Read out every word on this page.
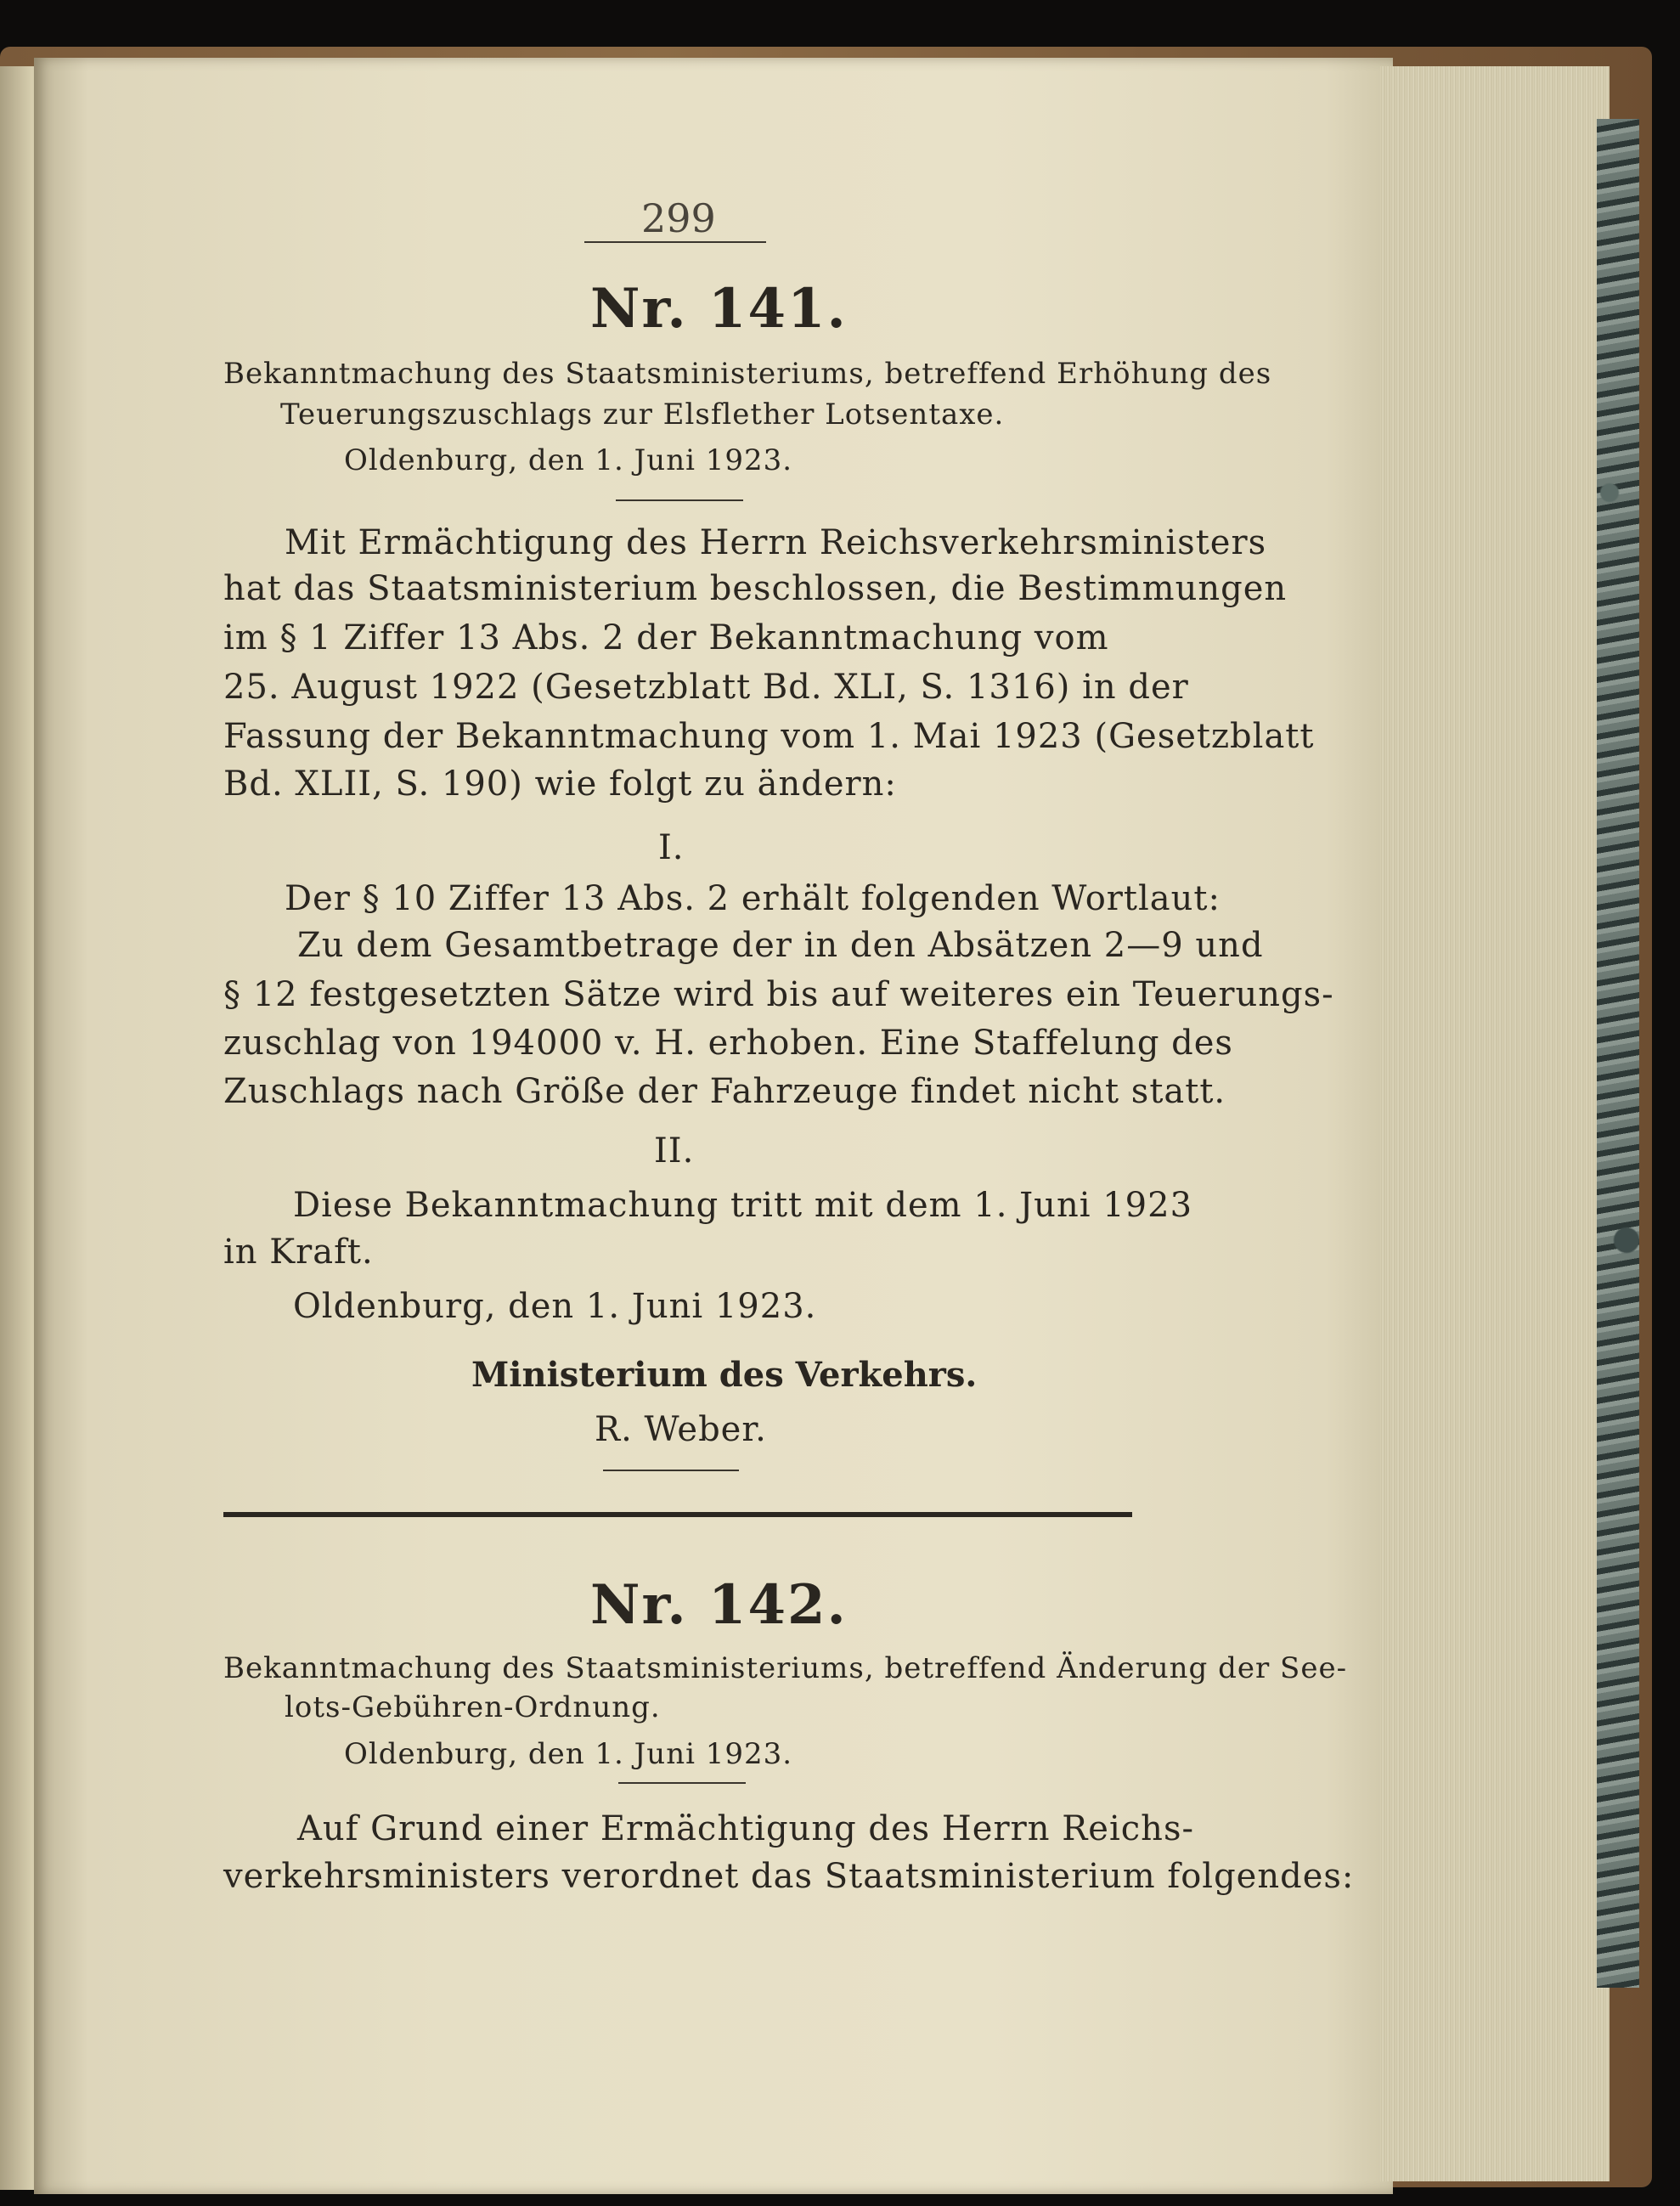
299
Nr. 141.
Bekanntmachung des Staatsministeriums, betreffend Erhöhung des
Teuerungszuschlags zur Elsflether Lotsentaxe.
Oldenburg, den 1. Juni 1923.
Mit Ermächtigung des Herrn Reichsverkehrsministers
hat das Staatsministerium beschlossen, die Bestimmungen
im § 1 Ziffer 13 Abs. 2 der Bekanntmachung vom
25. August 1922 (Gesetzblatt Bd. XLI, S. 1316) in der
Fassung der Bekanntmachung vom 1. Mai 1923 (Gesetzblatt
Bd. XLII, S. 190) wie folgt zu ändern:
I.
Der § 10 Ziffer 13 Abs. 2 erhält folgenden Wortlaut:
Zu dem Gesamtbetrage der in den Absätzen 2—9 und
§ 12 festgesetzten Sätze wird bis auf weiteres ein Teuerungs-
zuschlag von 194000 v. H. erhoben. Eine Staffelung des
Zuschlags nach Größe der Fahrzeuge findet nicht statt.
II.
Diese Bekanntmachung tritt mit dem 1. Juni 1923
in Kraft.
Oldenburg, den 1. Juni 1923.
Ministerium des Verkehrs.
R. Weber.
Nr. 142.
Bekanntmachung des Staatsministeriums, betreffend Änderung der See-
lots-Gebühren-Ordnung.
Oldenburg, den 1. Juni 1923.
Auf Grund einer Ermächtigung des Herrn Reichs-
verkehrsministers verordnet das Staatsministerium folgendes:
